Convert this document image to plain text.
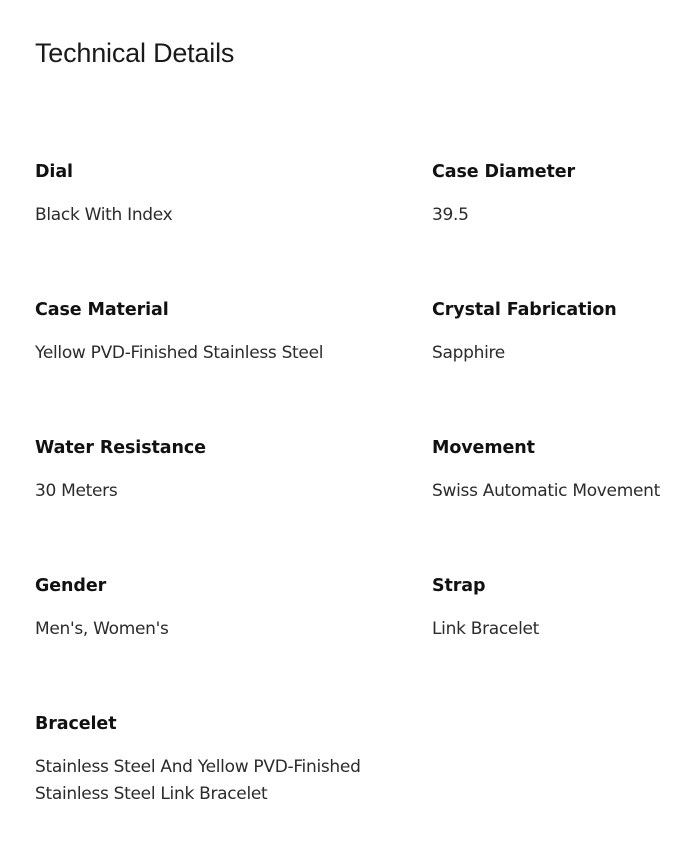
Technical Details
Dial
Black With Index
Case Diameter
39.5
Case Material
Yellow PVD-Finished Stainless Steel
Crystal Fabrication
Sapphire
Water Resistance
30 Meters
Movement
Swiss Automatic Movement
Gender
Men's, Women's
Strap
Link Bracelet
Bracelet
Stainless Steel And Yellow PVD-Finished
Stainless Steel Link Bracelet
